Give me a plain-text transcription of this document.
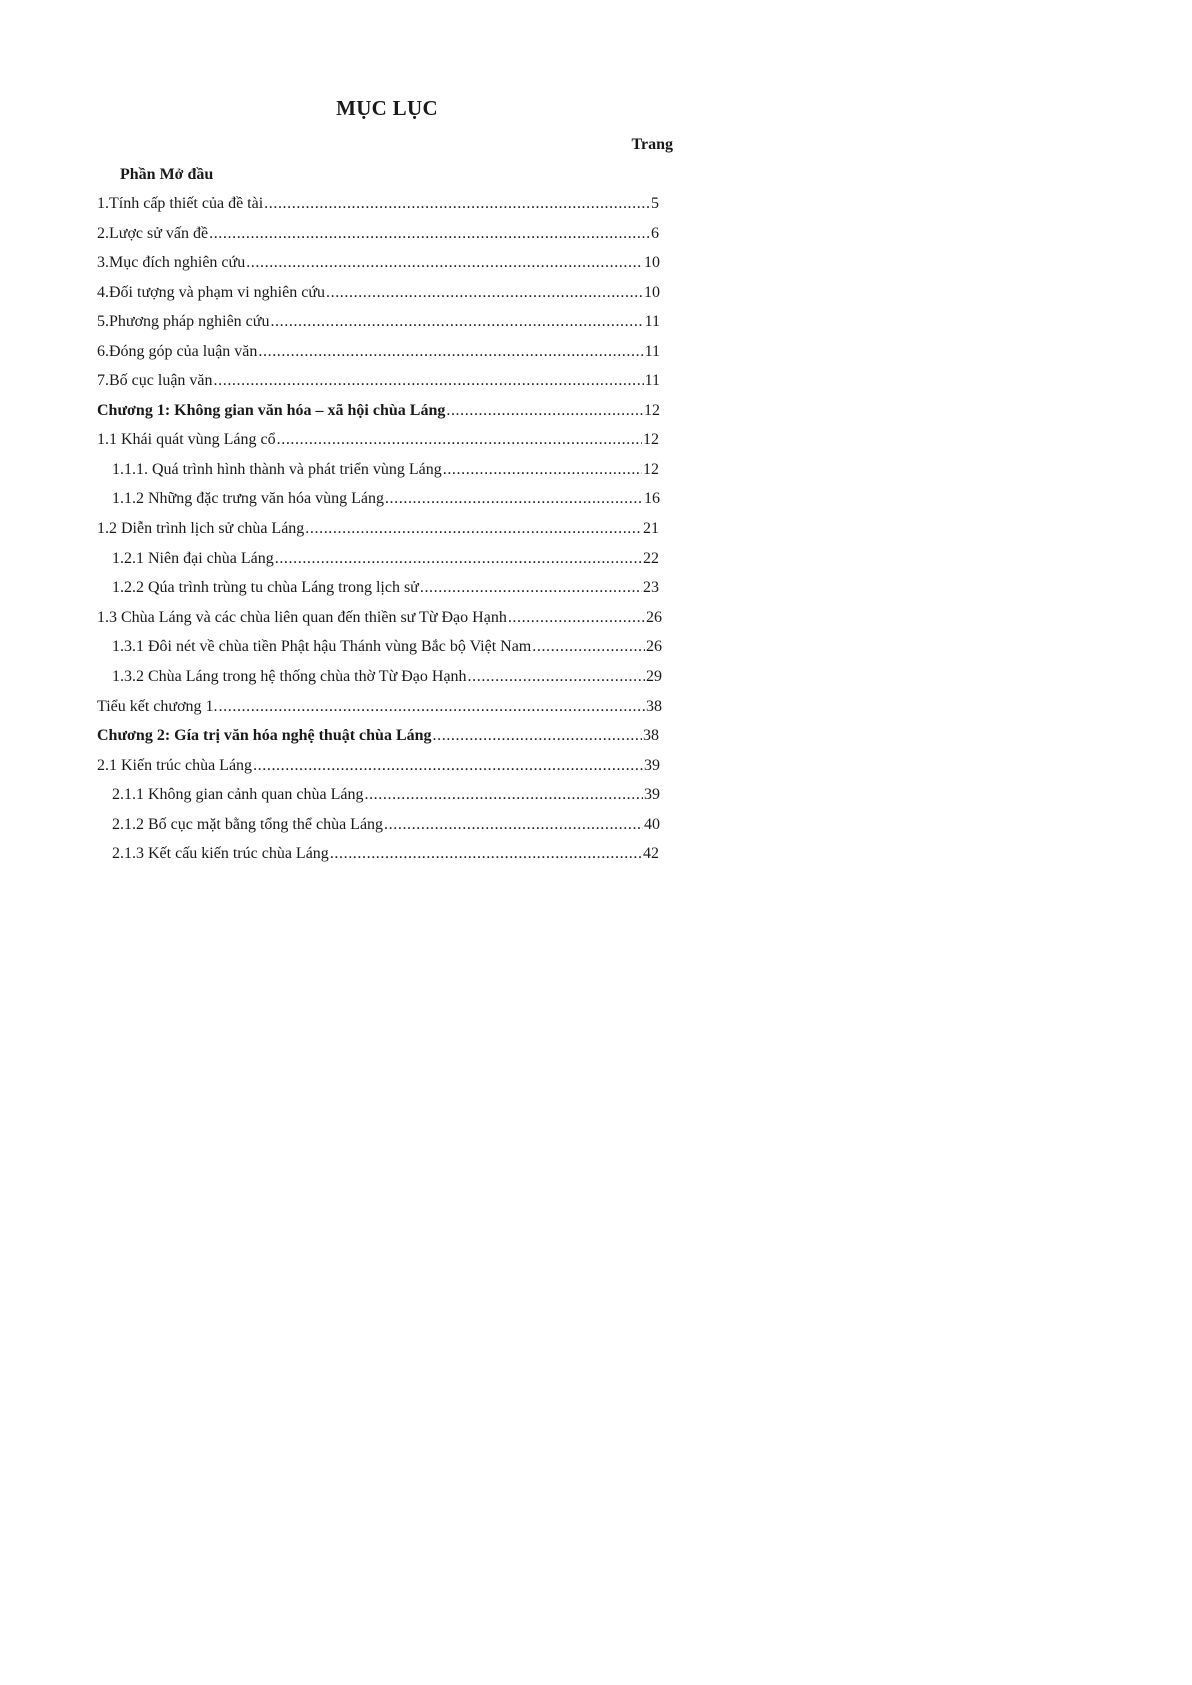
MỤC LỤC
Trang
Phần Mở đầu
1. Tính cấp thiết của đề tài .....	5
2. Lược sử vấn đề .....	6
3. Mục đích nghiên cứu .....	10
4. Đối tượng và phạm vi nghiên cứu .....	10
5. Phương pháp nghiên cứu .....	11
6. Đóng góp của luận văn .....	11
7. Bố cục luận văn .....	11
Chương 1: Không gian văn hóa – xã hội chùa Láng .....	12
1.1 Khái quát vùng Láng cổ .....	12
1.1.1. Quá trình hình thành và phát triển vùng Láng .....	12
1.1.2 Những đặc trưng văn hóa vùng Láng .....	16
1.2 Diễn trình lịch sử chùa Láng .....	21
1.2.1 Niên đại chùa Láng .....	22
1.2.2 Qúa trình trùng tu chùa Láng trong lịch sử .....	23
1.3 Chùa Láng và các chùa liên quan đến thiền sư Từ Đạo Hạnh .....	26
1.3.1 Đôi nét về chùa tiền Phật hậu Thánh vùng Bắc bộ Việt Nam .....	26
1.3.2 Chùa Láng trong hệ thống chùa thờ Từ Đạo Hạnh .....	29
Tiểu kết chương 1. .....	38
Chương 2: Gía trị văn hóa nghệ thuật chùa Láng .....	38
2.1 Kiến trúc chùa Láng .....	39
2.1.1 Không gian cảnh quan chùa Láng .....	39
2.1.2 Bố cục mặt bằng tổng thể chùa Láng .....	40
2.1.3 Kết cấu kiến trúc chùa Láng .....	42
